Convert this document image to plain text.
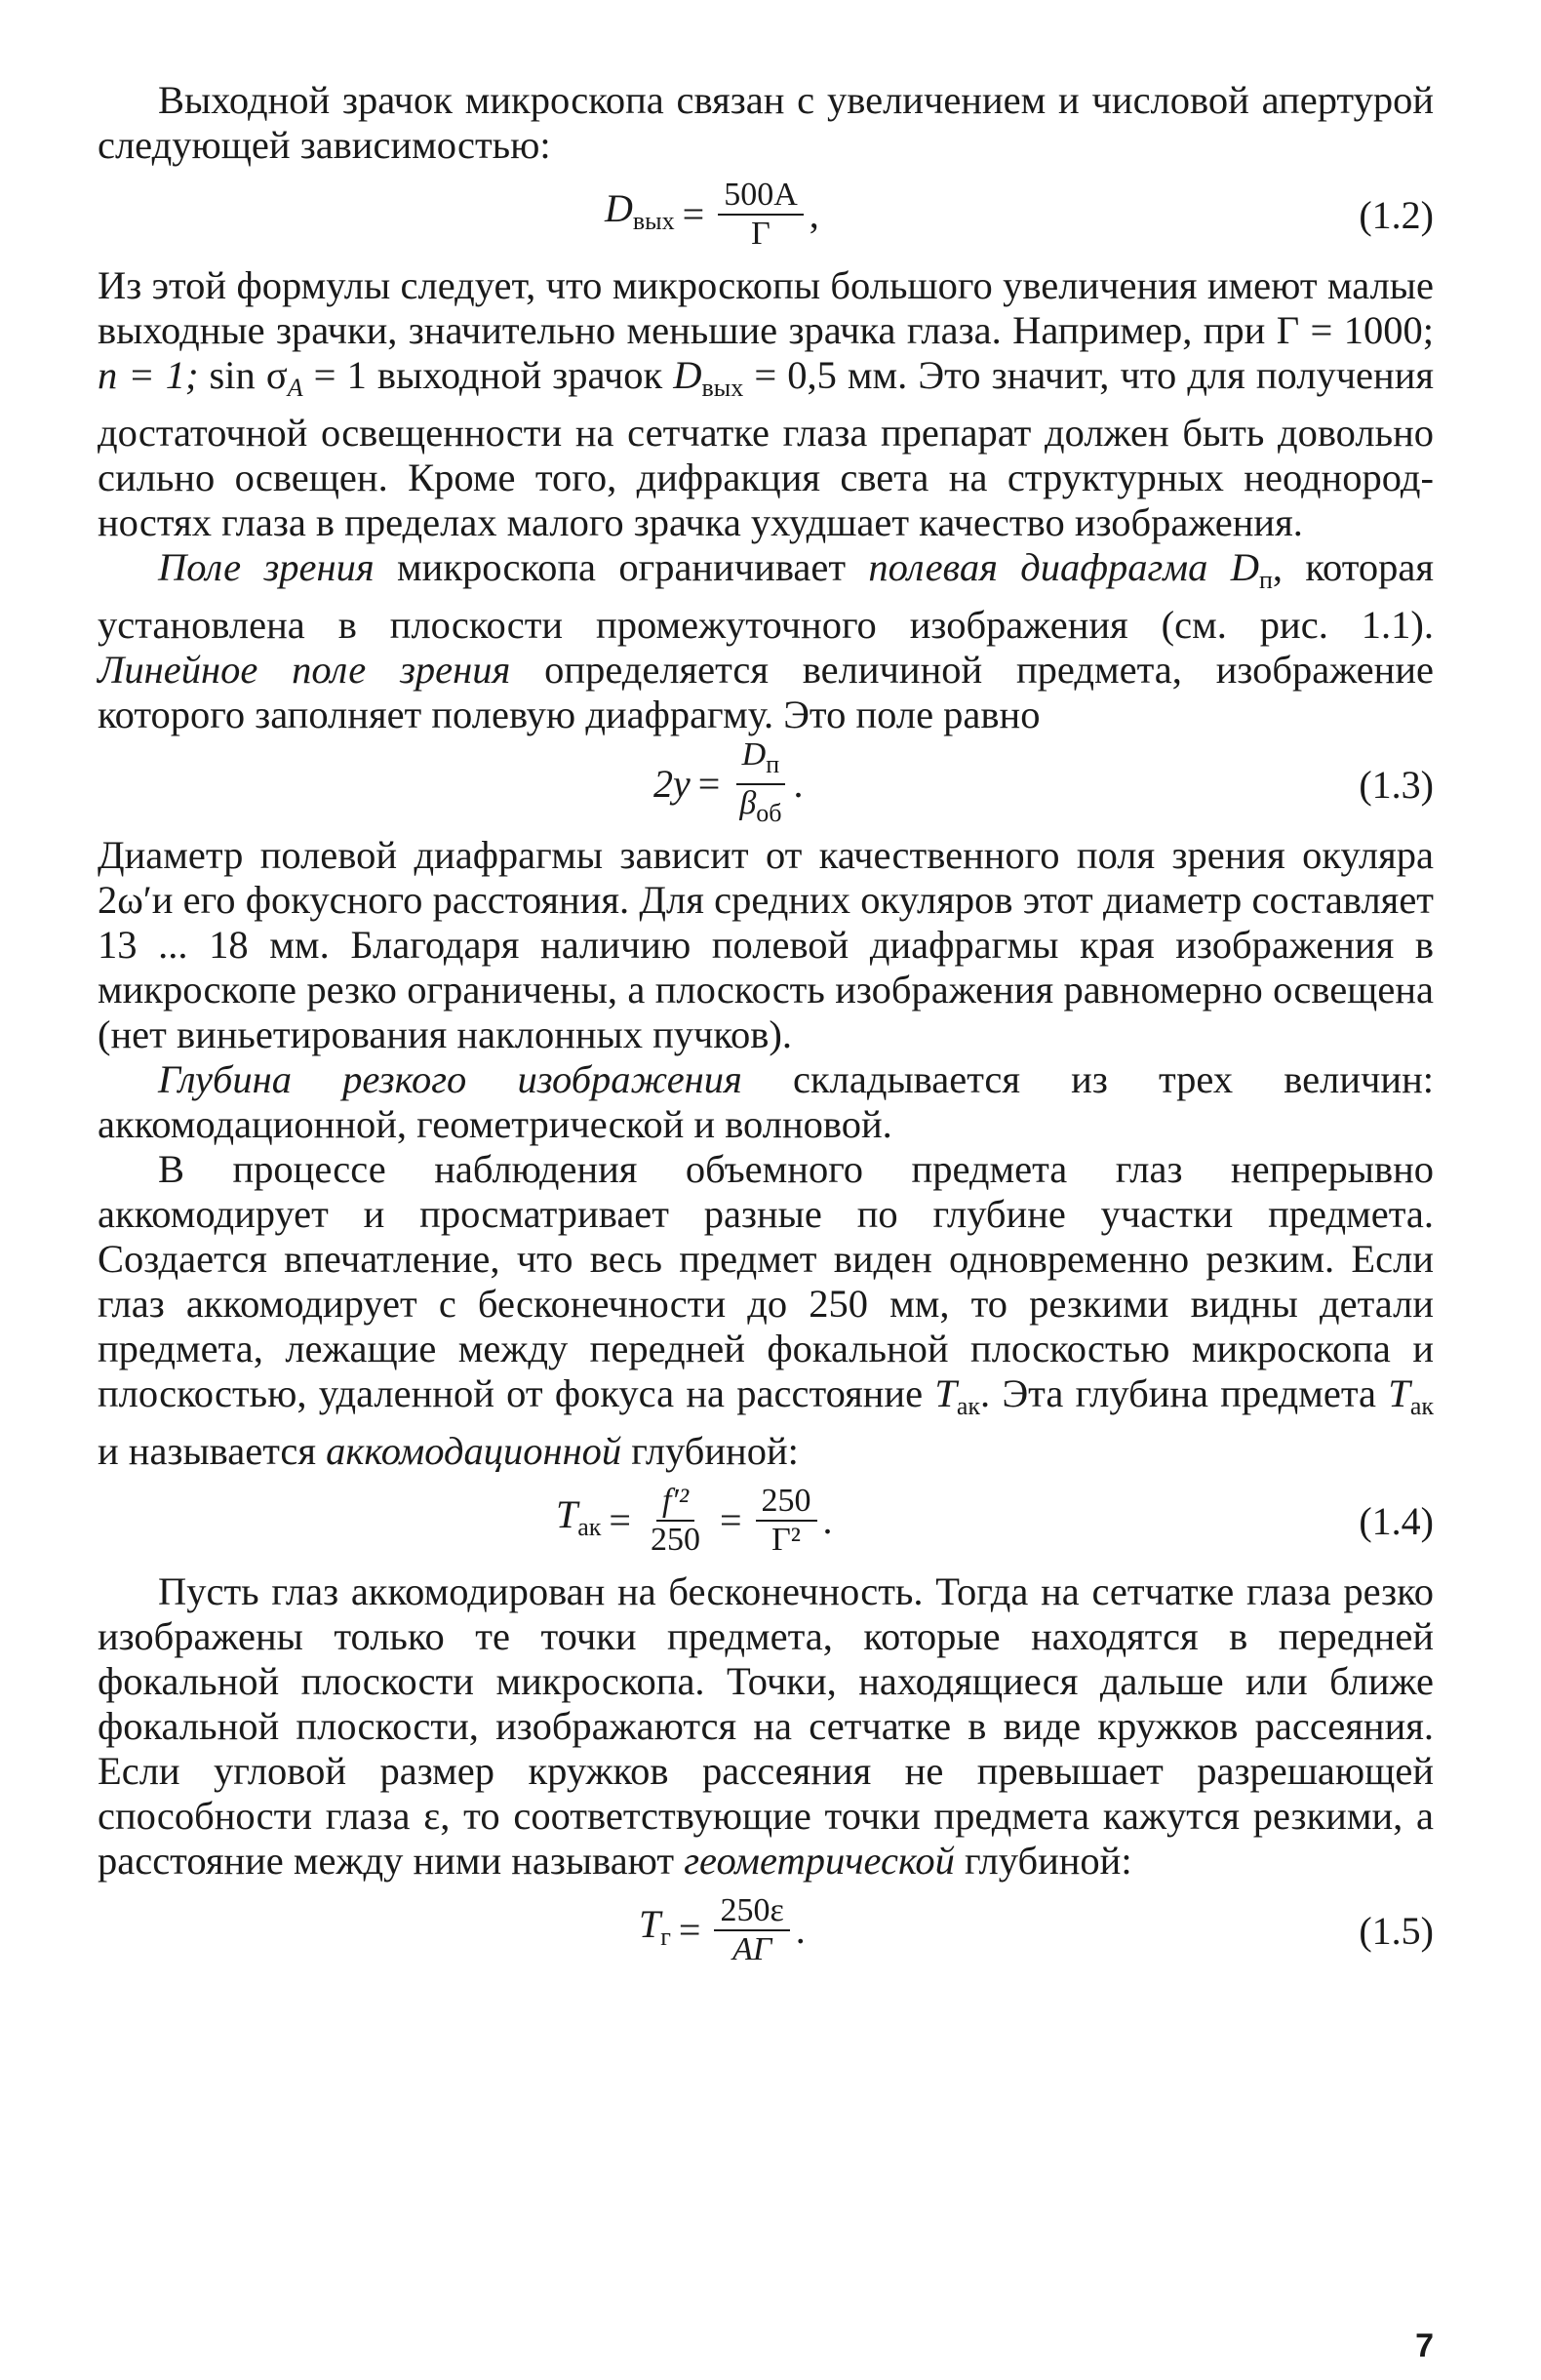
Выходной зрачок микроскопа связан с увеличением и числовой апертурой следующей зависимостью:

$D_{вых} = \frac{500A}{Г}$ ,	(1.2)

Из этой формулы следует, что микроскопы большого увеличения имеют малые выходные зрачки, значительно меньшие зрачка глаза. Например, при Г = 1000; n = 1; $\sin \sigma_A = 1$ выходной зрачок $D_{вых} = 0,5$ мм. Это значит, что для получения достаточной освещенности на сетчатке глаза препарат должен быть довольно сильно освещен. Кроме того, дифракция света на структурных неоднородностях глаза в пределах малого зрачка ухудшает качество изображения.

Поле зрения микроскопа ограничивает полевая диафрагма $D_п$, которая установлена в плоскости промежуточного изображения (см. рис. 1.1). Линейное поле зрения определяется величиной предмета, изображение которого заполняет полевую диафрагму. Это поле равно

$2y = \frac{D_п}{\beta_{об}}$ .	(1.3)

Диаметр полевой диафрагмы зависит от качественного поля зрения окуляра 2ω′и его фокусного расстояния. Для средних окуляров этот диаметр составляет 13 ... 18 мм. Благодаря наличию полевой диафрагмы края изображения в микроскопе резко ограничены, а плоскость изображения равномерно освещена (нет виньетирования наклонных пучков).

Глубина резкого изображения складывается из трех величин: аккомодационной, геометрической и волновой.

В процессе наблюдения объемного предмета глаз непрерывно аккомодирует и просматривает разные по глубине участки предмета. Создается впечатление, что весь предмет виден одновременно резким. Если глаз аккомодирует с бесконечности до 250 мм, то резкими видны детали предмета, лежащие между передней фокальной плоскостью микроскопа и плоскостью, удаленной от фокуса на расстояние $T_{ак}$. Эта глубина предмета $T_{ак}$ и называется аккомодационной глубиной:

$T_{ак} = \frac{\text{f′²}}{250} = \frac{250}{\text{Г²}}$ .	(1.4)

Пусть глаз аккомодирован на бесконечность. Тогда на сетчатке глаза резко изображены только те точки предмета, которые находятся в передней фокальной плоскости микроскопа. Точки, находящиеся дальше или ближе фокальной плоскости, изображаются на сетчатке в виде кружков рассеяния. Если угловой размер кружков рассеяния не превышает разрешающей способности глаза ε, то соответствующие точки предмета кажутся резкими, а расстояние между ними называют геометрической глубиной:

$T_г = \frac{250\varepsilon}{AГ}$ .	(1.5)
7
